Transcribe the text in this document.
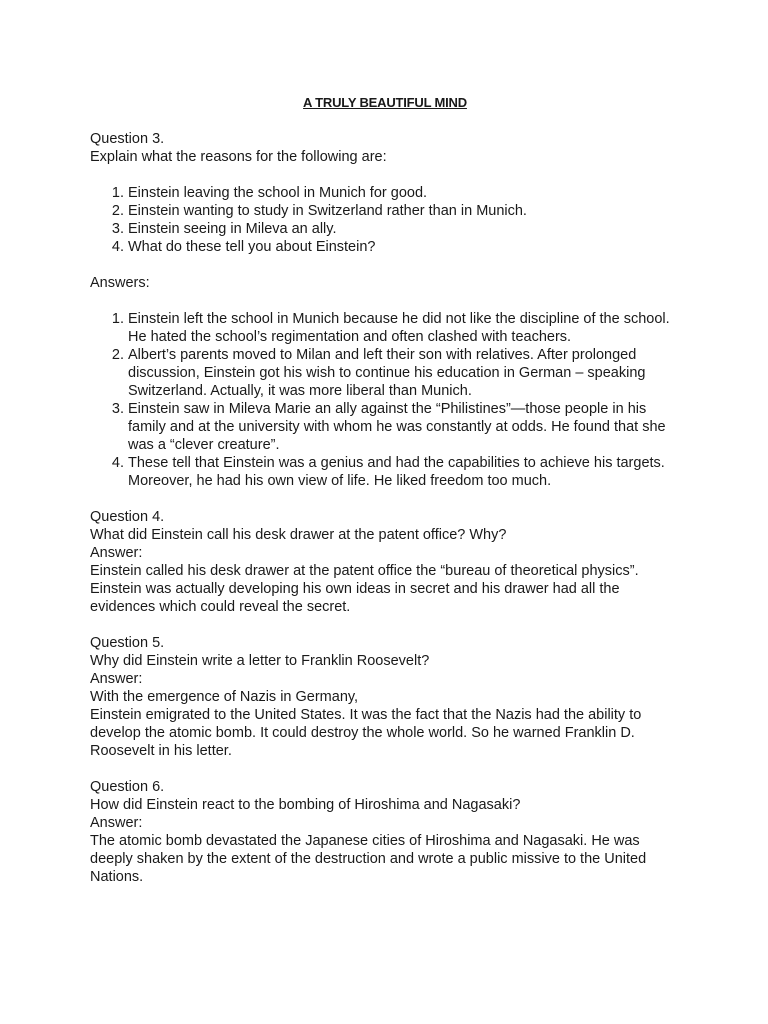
A TRULY BEAUTIFUL MIND
Question 3.
Explain what the reasons for the following are:
1. Einstein leaving the school in Munich for good.
2. Einstein wanting to study in Switzerland rather than in Munich.
3. Einstein seeing in Mileva an ally.
4. What do these tell you about Einstein?
Answers:
1. Einstein left the school in Munich because he did not like the discipline of the school. He hated the school’s regimentation and often clashed with teachers.
2. Albert’s parents moved to Milan and left their son with relatives. After prolonged discussion, Einstein got his wish to continue his education in German – speaking Switzerland. Actually, it was more liberal than Munich.
3. Einstein saw in Mileva Marie an ally against the “Philistines”—those people in his family and at the university with whom he was constantly at odds. He found that she was a “clever creature”.
4. These tell that Einstein was a genius and had the capabilities to achieve his targets. Moreover, he had his own view of life. He liked freedom too much.
Question 4.
What did Einstein call his desk drawer at the patent office? Why?
Answer:

Einstein called his desk drawer at the patent office the “bureau of theoretical physics”. Einstein was actually developing his own ideas in secret and his drawer had all the evidences which could reveal the secret.

Question 5.
Why did Einstein write a letter to Franklin Roosevelt?
Answer:
With the emergence of Nazis in Germany,

Einstein emigrated to the United States. It was the fact that the Nazis had the ability to develop the atomic bomb. It could destroy the whole world. So he warned Franklin D. Roosevelt in his letter.

Question 6.
How did Einstein react to the bombing of Hiroshima and Nagasaki?
Answer:

The atomic bomb devastated the Japanese cities of Hiroshima and Nagasaki. He was deeply shaken by the extent of the destruction and wrote a public missive to the United Nations.
